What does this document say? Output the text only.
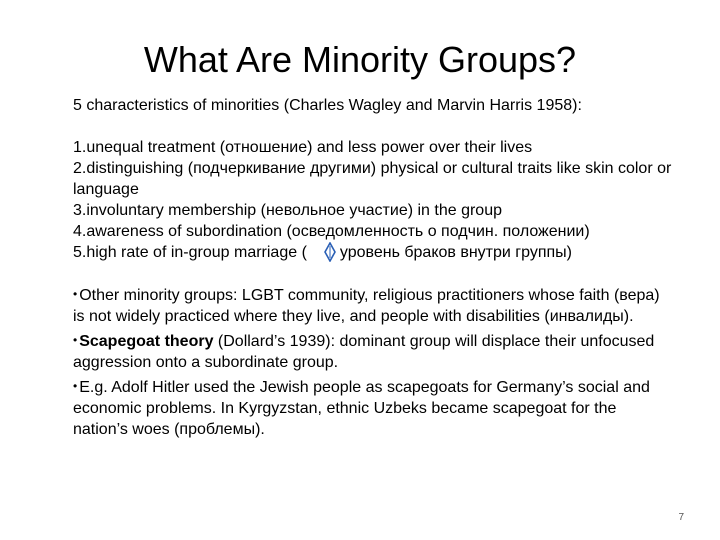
What Are Minority Groups?

5 characteristics of minorities (Charles Wagley and Marvin Harris 1958):

1.unequal treatment (отношение) and less power over their lives
2.distinguishing (подчеркивание другими) physical or cultural traits like skin color or language
3.involuntary membership (невольное участие) in the group
4.awareness of subordination (осведомленность о подчин. положении)
5.high rate of in-group marriage ( уровень браков внутри группы)
• Other minority groups: LGBT community, religious practitioners whose faith (вера) is not widely practiced where they live, and people with disabilities (инвалиды).
• Scapegoat theory (Dollard’s 1939): dominant group will displace their unfocused aggression onto a subordinate group.
• E.g. Adolf Hitler used the Jewish people as scapegoats for Germany’s social and economic problems. In Kyrgyzstan, ethnic Uzbeks became scapegoat for the nation’s woes (проблемы).
7
